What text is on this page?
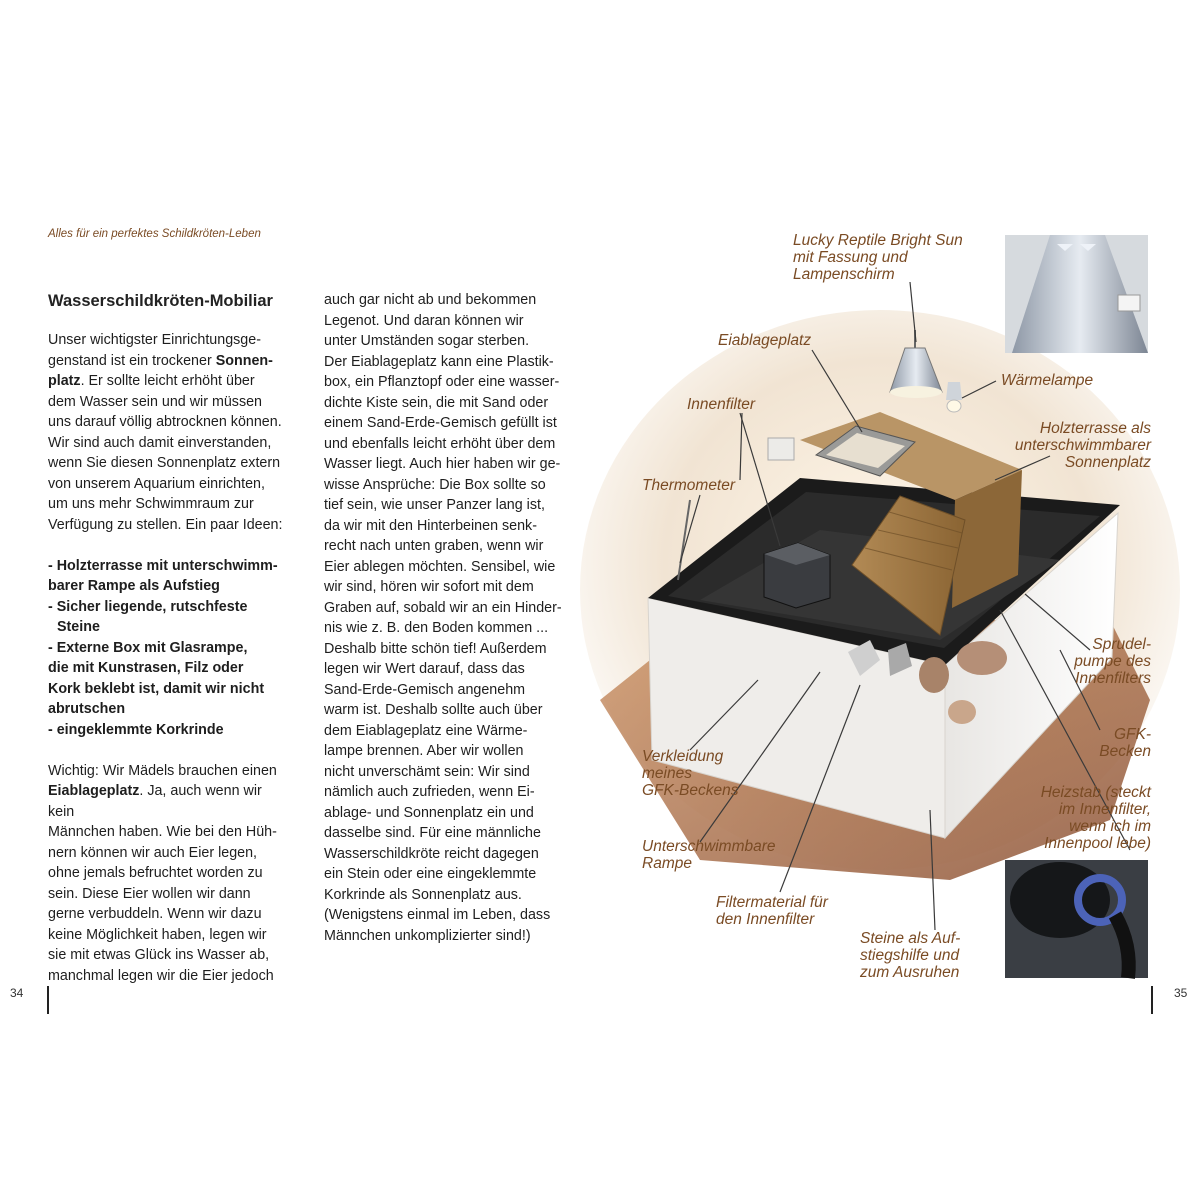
Alles für ein perfektes Schildkröten-Leben
Wasserschildkröten-Mobiliar

Unser wichtigster Einrichtungsge-
genstand ist ein trockener Sonnen-
platz. Er sollte leicht erhöht über
dem Wasser sein und wir müssen
uns darauf völlig abtrocknen können.
Wir sind auch damit einverstanden,
wenn Sie diesen Sonnenplatz extern
von unserem Aquarium einrichten,
um uns mehr Schwimmraum zur
Verfügung zu stellen. Ein paar Ideen:

- Holzterrasse mit unterschwimm-
barer Rampe als Aufstieg
- Sicher liegende, rutschfeste Steine
- Externe Box mit Glasrampe,
die mit Kunstrasen, Filz oder
Kork beklebt ist, damit wir nicht
abrutschen
- eingeklemmte Korkrinde

Wichtig: Wir Mädels brauchen einen
Eiablageplatz. Ja, auch wenn wir kein
Männchen haben. Wie bei den Hüh-
nern können wir auch Eier legen,
ohne jemals befruchtet worden zu
sein. Diese Eier wollen wir dann
gerne verbuddeln. Wenn wir dazu
keine Möglichkeit haben, legen wir
sie mit etwas Glück ins Wasser ab,
manchmal legen wir die Eier jedoch

auch gar nicht ab und bekommen
Legenot. Und daran können wir
unter Umständen sogar sterben.
Der Eiablageplatz kann eine Plastik-
box, ein Pflanztopf oder eine wasser-
dichte Kiste sein, die mit Sand oder
einem Sand-Erde-Gemisch gefüllt ist
und ebenfalls leicht erhöht über dem
Wasser liegt. Auch hier haben wir ge-
wisse Ansprüche: Die Box sollte so
tief sein, wie unser Panzer lang ist,
da wir mit den Hinterbeinen senk-
recht nach unten graben, wenn wir
Eier ablegen möchten. Sensibel, wie
wir sind, hören wir sofort mit dem
Graben auf, sobald wir an ein Hinder-
nis wie z. B. den Boden kommen ...
Deshalb bitte schön tief! Außerdem
legen wir Wert darauf, dass das
Sand-Erde-Gemisch angenehm
warm ist. Deshalb sollte auch über
dem Eiablageplatz eine Wärme-
lampe brennen. Aber wir wollen
nicht unverschämt sein: Wir sind
nämlich auch zufrieden, wenn Ei-
ablage- und Sonnenplatz ein und
dasselbe sind. Für eine männliche
Wasserschildkröte reicht dagegen
ein Stein oder eine eingeklemmte
Korkrinde als Sonnenplatz aus.
(Wenigstens einmal im Leben, dass
Männchen unkomplizierter sind!)

34	35
Lucky Reptile Bright Sun
mit Fassung und
Lampenschirm
Eiablageplatz
Wärmelampe
Innenfilter
Holzterrasse als
unterschwimmbarer
Sonnenplatz
Thermometer
Sprudel-
pumpe des
Innenfilters
GFK-
Becken
Verkleidung
meines
GFK-Beckens	Heizstab (steckt
im Innenfilter,
wenn ich im
Innenpool lebe)
Unterschwimmbare
Rampe
Filtermaterial für
den Innenfilter
Steine als Auf-
stiegshilfe und
zum Ausruhen
